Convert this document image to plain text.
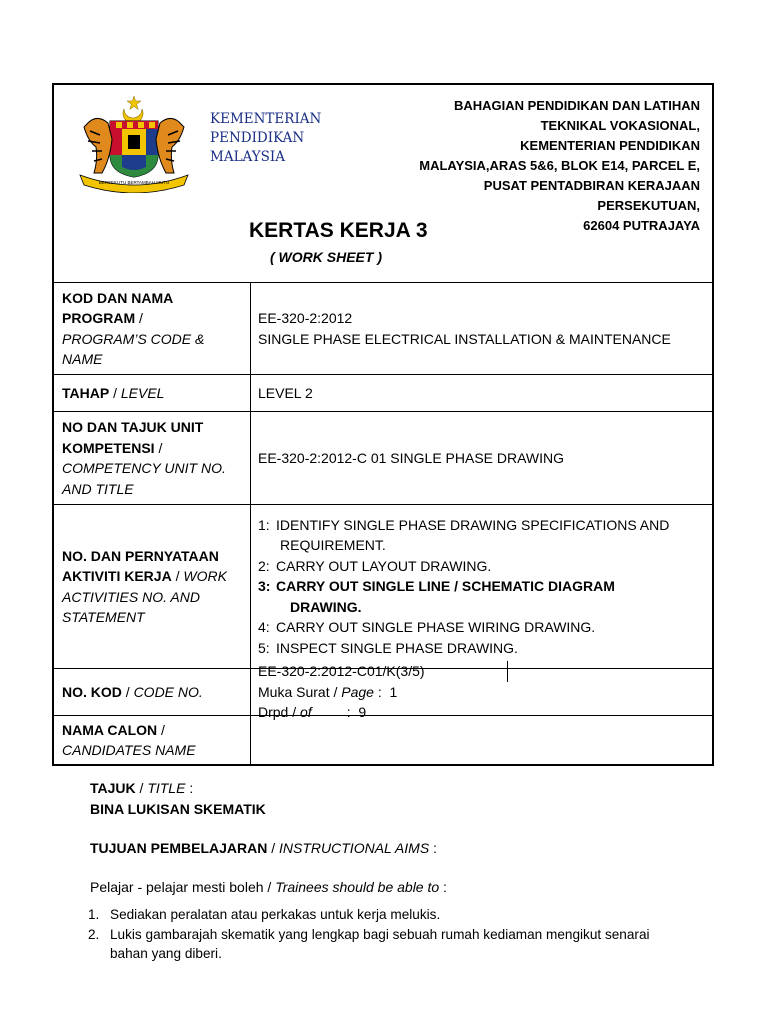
BERSEKUTU BERTAMBAH MUTU
KEMENTERIAN
PENDIDIKAN
MALAYSIA
BAHAGIAN PENDIDIKAN DAN LATIHAN
TEKNIKAL VOKASIONAL,
KEMENTERIAN PENDIDIKAN
MALAYSIA,ARAS 5&6, BLOK E14, PARCEL E,
PUSAT PENTADBIRAN KERAJAAN
PERSEKUTUAN,
62604 PUTRAJAYA
KERTAS KERJA 3
( WORK SHEET )
KOD DAN NAMA
PROGRAM /
PROGRAM’S CODE &
NAME
EE-320-2:2012
SINGLE PHASE ELECTRICAL INSTALLATION & MAINTENANCE
TAHAP / LEVEL	LEVEL 2
NO DAN TAJUK UNIT
KOMPETENSI /
COMPETENCY UNIT NO.
AND TITLE
EE-320-2:2012-C 01 SINGLE PHASE DRAWING
NO. DAN PERNYATAAN
AKTIVITI KERJA / WORK
ACTIVITIES NO. AND
STATEMENT
1: IDENTIFY SINGLE PHASE DRAWING SPECIFICATIONS AND
REQUIREMENT.
2: CARRY OUT LAYOUT DRAWING.
3: CARRY OUT SINGLE LINE / SCHEMATIC DIAGRAM
DRAWING.
4: CARRY OUT SINGLE PHASE WIRING DRAWING.
5: INSPECT SINGLE PHASE DRAWING.
NO. KOD / CODE NO.
EE-320-2:2012-C01/K(3/5)
Muka Surat / Page :  1
Drpd / of         :  9
NAMA CALON /
CANDIDATES NAME

TAJUK / TITLE :

BINA LUKISAN SKEMATIK

TUJUAN PEMBELAJARAN / INSTRUCTIONAL AIMS :

Pelajar - pelajar mesti boleh / Trainees should be able to :

1. Sediakan peralatan atau perkakas untuk kerja melukis.
2. Lukis gambarajah skematik yang lengkap bagi sebuah rumah kediaman mengikut senarai
bahan yang diberi.
